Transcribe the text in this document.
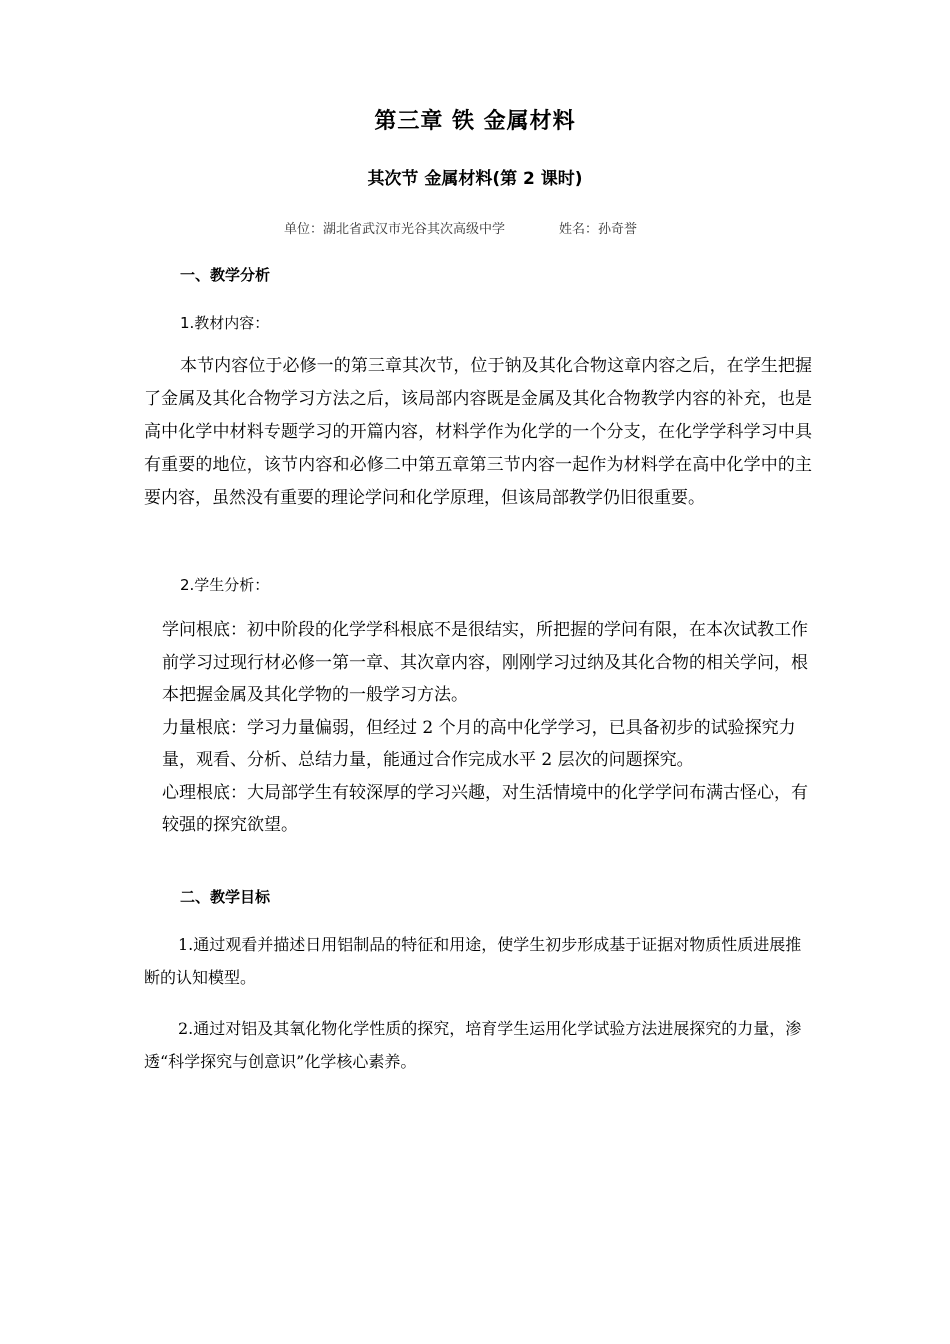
第三章 铁 金属材料
其次节 金属材料(第 2 课时)
单位：湖北省武汉市光谷其次高级中学	姓名：孙奇誉
一、教学分析
1.教材内容：

本节内容位于必修一的第三章其次节，位于钠及其化合物这章内容之后，在学生把握了金属及其化合物学习方法之后，该局部内容既是金属及其化合物教学内容的补充，也是高中化学中材料专题学习的开篇内容，材料学作为化学的一个分支，在化学学科学习中具有重要的地位，该节内容和必修二中第五章第三节内容一起作为材料学在高中化学中的主要内容，虽然没有重要的理论学问和化学原理，但该局部教学仍旧很重要。

2.学生分析：

学问根底：初中阶段的化学学科根底不是很结实，所把握的学问有限，在本次试教工作前学习过现行材必修一第一章、其次章内容，刚刚学习过纳及其化合物的相关学问，根本把握金属及其化学物的一般学习方法。

力量根底：学习力量偏弱，但经过 2 个月的高中化学学习，已具备初步的试验探究力量，观看、分析、总结力量，能通过合作完成水平 2 层次的问题探究。

心理根底：大局部学生有较深厚的学习兴趣，对生活情境中的化学学问布满古怪心，有较强的探究欲望。

二、教学目标

1.通过观看并描述日用铝制品的特征和用途，使学生初步形成基于证据对物质性质进展推断的认知模型。

2.通过对铝及其氧化物化学性质的探究，培育学生运用化学试验方法进展探究的力量，渗透“科学探究与创意识”化学核心素养。
